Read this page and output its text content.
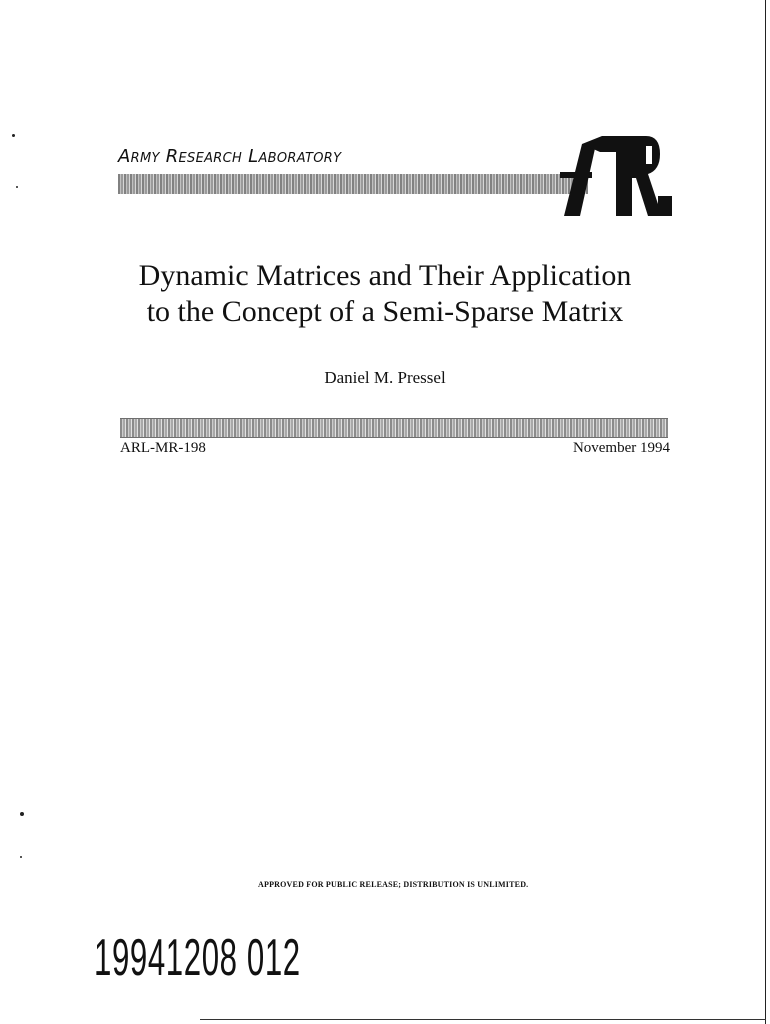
Army Research Laboratory
Dynamic Matrices and Their Application
to the Concept of a Semi-Sparse Matrix
Daniel M. Pressel
ARL-MR-198	November 1994
APPROVED FOR PUBLIC RELEASE; DISTRIBUTION IS UNLIMITED.
19941208 012
